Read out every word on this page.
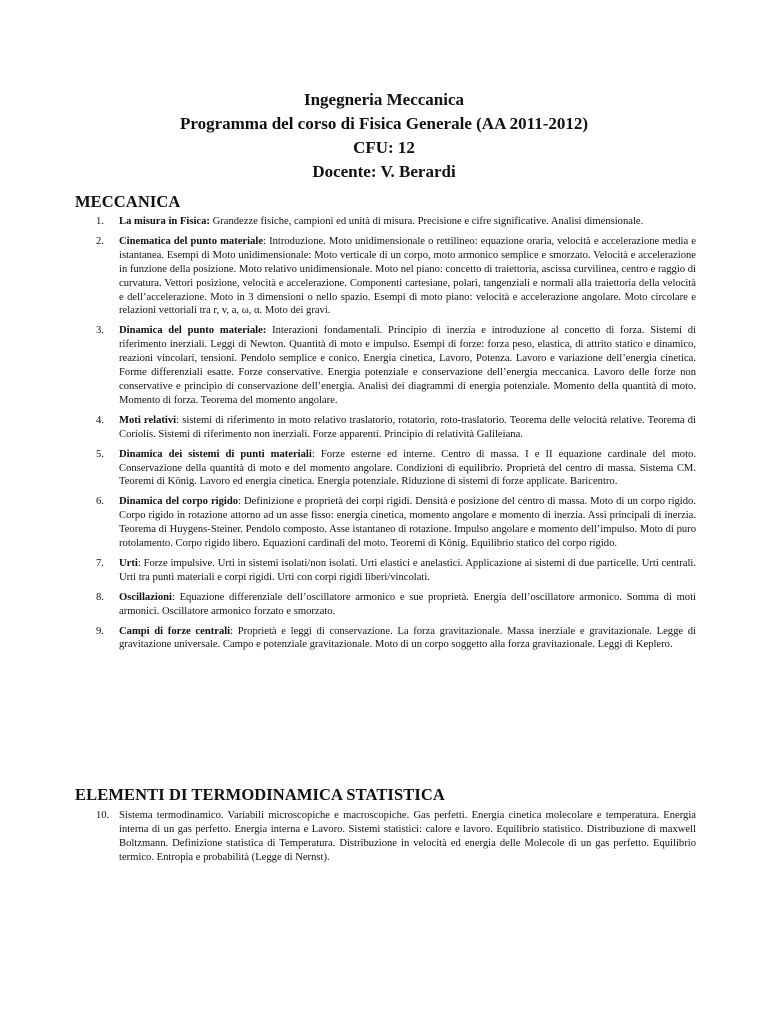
Ingegneria Meccanica
Programma del corso di Fisica Generale (AA 2011-2012)
CFU: 12
Docente: V. Berardi
MECCANICA
1. La misura in Fisica: Grandezze fisiche, campioni ed unità di misura. Precisione e cifre significative. Analisi dimensionale.
2. Cinematica del punto materiale: Introduzione. Moto unidimensionale o rettilineo: equazione oraria, velocità e accelerazione media e istantanea. Esempi di Moto unidimensionale: Moto verticale di un corpo, moto armonico semplice e smorzato. Velocità e accelerazione in funzione della posizione. Moto relativo unidimensionale. Moto nel piano: concetto di traiettoria, ascissa curvilinea, centro e raggio di curvatura. Vettori posizione, velocità e accelerazione. Componenti cartesiane, polari, tangenziali e normali alla traiettoria della velocità e dell’accelerazione. Moto in 3 dimensioni o nello spazio. Esempi di moto piano: velocità e accelerazione angolare. Moto circolare e relazioni vettoriali tra r, v, a, ω, α. Moto dei gravi.
3. Dinamica del punto materiale: Interazioni fondamentali. Principio di inerzia e introduzione al concetto di forza. Sistemi di riferimento inerziali. Leggi di Newton. Quantità di moto e impulso. Esempi di forze: forza peso, elastica, di attrito statico e dinamico, reazioni vincolari, tensioni. Pendolo semplice e conico. Energia cinetica, Lavoro, Potenza. Lavoro e variazione dell’energia cinetica. Forme differenziali esatte. Forze conservative. Energia potenziale e conservazione dell’energia meccanica. Lavoro delle forze non conservative e principio di conservazione dell’energia. Analisi dei diagrammi di energia potenziale. Momento della quantità di moto. Momento di forza. Teorema del momento angolare.
4. Moti relativi: sistemi di riferimento in moto relativo traslatorio, rotatorio, roto-traslatorio. Teorema delle velocità relative. Teorema di Coriolis. Sistemi di riferimento non inerziali. Forze apparenti. Principio di relatività Galileiana.
5. Dinamica dei sistemi di punti materiali: Forze esterne ed interne. Centro di massa. I e II equazione cardinale del moto. Conservazione della quantità di moto e del momento angolare. Condizioni di equilibrio. Proprietà del centro di massa. Sistema CM. Teoremi di König. Lavoro ed energia cinetica. Energia potenziale. Riduzione di sistemi di forze applicate. Baricentro.
6. Dinamica del corpo rigido: Definizione e proprietà dei corpi rigidi. Densità e posizione del centro di massa. Moto di un corpo rigido. Corpo rigido in rotazione attorno ad un asse fisso: energia cinetica, momento angolare e momento di inerzia. Assi principali di inerzia. Teorema di Huygens-Steiner. Pendolo composto. Asse istantaneo di rotazione. Impulso angolare e momento dell’impulso. Moto di puro rotolamento. Corpo rigido libero. Equazioni cardinali del moto. Teoremi di König. Equilibrio statico del corpo rigido.
7. Urti: Forze impulsive. Urti in sistemi isolati/non isolati. Urti elastici e anelastici. Applicazione ai sistemi di due particelle. Urti centrali. Urti tra punti materiali e corpi rigidi. Urti con corpi rigidi liberi/vincolati.
8. Oscillazioni: Equazione differenziale dell’oscillatore armonico e sue proprietà. Energia dell’oscillatore armonico. Somma di moti armonici. Oscillatore armonico forzato e smorzato.
9. Campi di forze centrali: Proprietà e leggi di conservazione. La forza gravitazionale. Massa inerziale e gravitazionale. Legge di gravitazione universale. Campo e potenziale gravitazionale. Moto di un corpo soggetto alla forza gravitazionale. Leggi di Keplero.
ELEMENTI DI TERMODINAMICA STATISTICA
10. Sistema termodinamico. Variabili microscopiche e macroscopiche. Gas perfetti. Energia cinetica molecolare e temperatura. Energia interna di un gas perfetto. Energia interna e Lavoro. Sistemi statistici: calore e lavoro. Equilibrio statistico. Distribuzione di maxwell Boltzmann. Definizione statistica di Temperatura. Distribuzione in velocità ed energia delle Molecole di un gas perfetto. Equilibrio termico. Entropia e probabilità (Legge di Nernst).
